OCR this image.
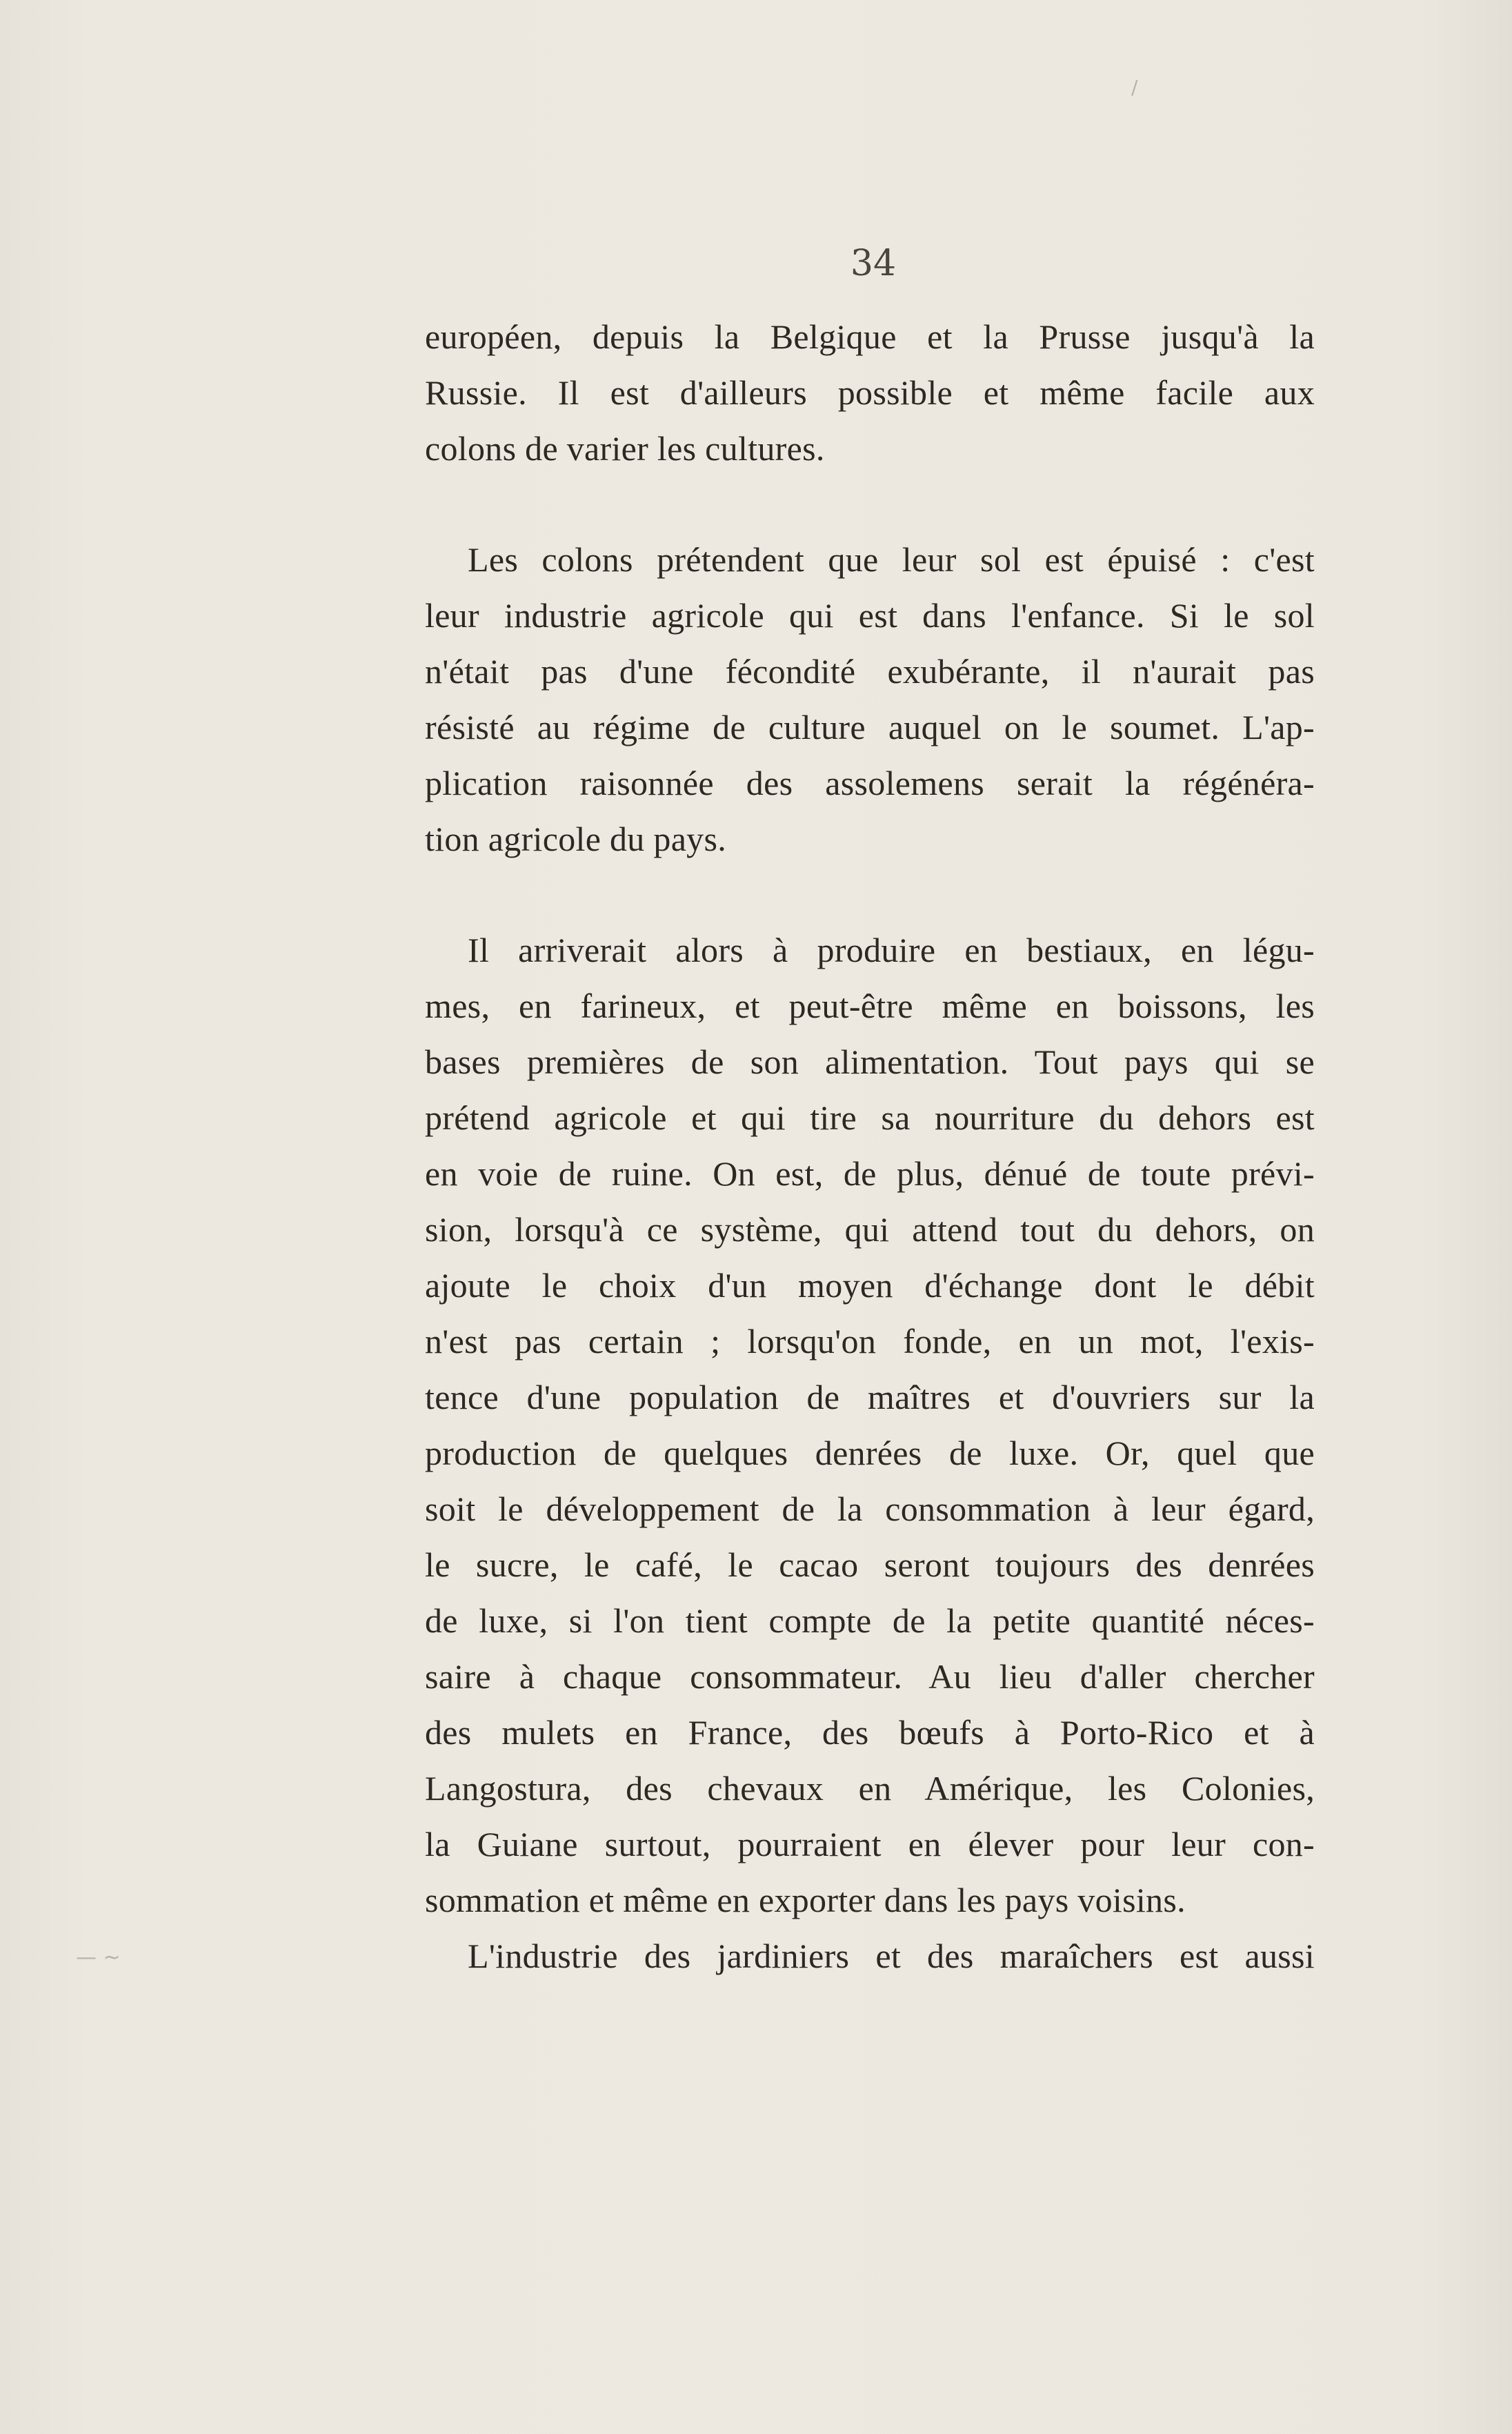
34
/
— ~
européen, depuis la Belgique et la Prusse jusqu'à la
Russie. Il est d'ailleurs possible et même facile aux
colons de varier les cultures.
Les colons prétendent que leur sol est épuisé : c'est
leur industrie agricole qui est dans l'enfance. Si le sol
n'était pas d'une fécondité exubérante, il n'aurait pas
résisté au régime de culture auquel on le soumet. L'ap-
plication raisonnée des assolemens serait la régénéra-
tion agricole du pays.
Il arriverait alors à produire en bestiaux, en légu-
mes, en farineux, et peut-être même en boissons, les
bases premières de son alimentation. Tout pays qui se
prétend agricole et qui tire sa nourriture du dehors est
en voie de ruine. On est, de plus, dénué de toute prévi-
sion, lorsqu'à ce système, qui attend tout du dehors, on
ajoute le choix d'un moyen d'échange dont le débit
n'est pas certain ; lorsqu'on fonde, en un mot, l'exis-
tence d'une population de maîtres et d'ouvriers sur la
production de quelques denrées de luxe. Or, quel que
soit le développement de la consommation à leur égard,
le sucre, le café, le cacao seront toujours des denrées
de luxe, si l'on tient compte de la petite quantité néces-
saire à chaque consommateur. Au lieu d'aller chercher
des mulets en France, des bœufs à Porto-Rico et à
Langostura, des chevaux en Amérique, les Colonies,
la Guiane surtout, pourraient en élever pour leur con-
sommation et même en exporter dans les pays voisins.
L'industrie des jardiniers et des maraîchers est aussi
